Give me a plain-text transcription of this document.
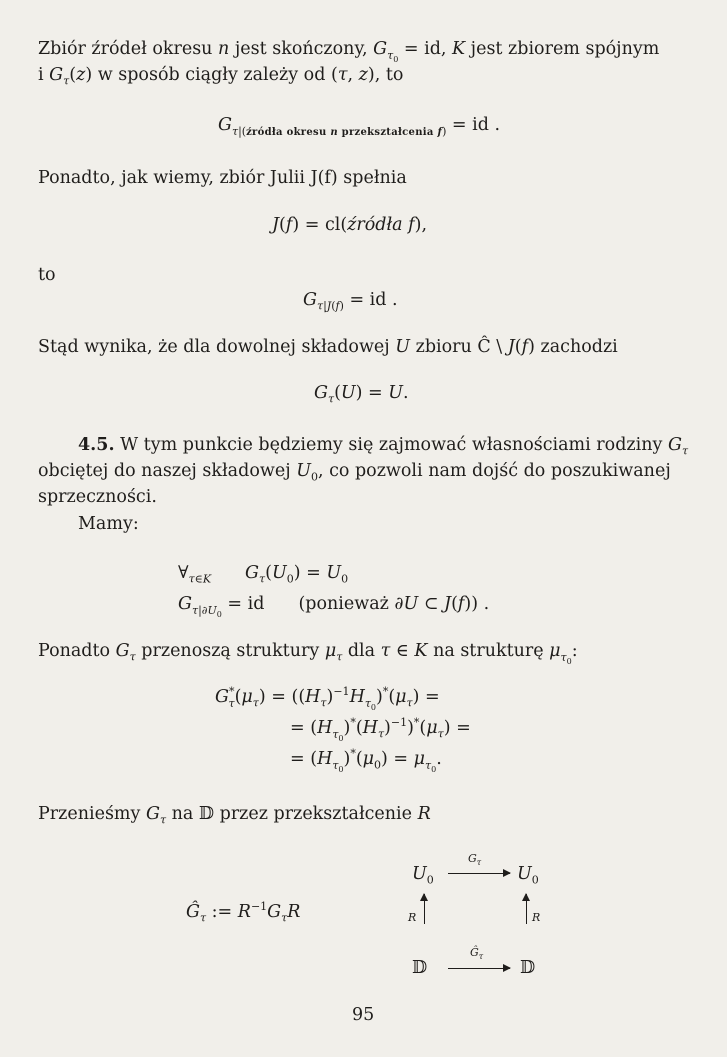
Zbiór źródeł okresu n jest skończony, $G_{\tau_0}$ = id, K jest zbiorem spójnym
i $G_\tau(z)$ w sposób ciągły zależy od (τ, z), to
$G_{\tau|(źródła okresu n przekształcenia f)}$ = id .
Ponadto, jak wiemy, zbiór Julii J(f) spełnia
J(f) = cl(źródła f),
to
$G_{\tau|J(f)}$ = id .
Stąd wynika, że dla dowolnej składowej U zbioru Ĉ \ J(f) zachodzi
$G_\tau(U) = U$.
4.5. W tym punkcie będziemy się zajmować własnościami rodziny $G_\tau$
obciętej do naszej składowej $U_0$, co pozwoli nam dojść do poszukiwanej
sprzeczności.
Mamy:
$\forall_{\tau\in K}$ $G_\tau(U_0) = U_0$
$G_{\tau|\partial U_0}$ = id (ponieważ ∂U ⊂ J(f)) .
Ponadto $G_\tau$ przenoszą struktury $\mu_\tau$ dla τ ∈ K na strukturę $\mu_{\tau_0}$:
$G^*_\tau(\mu_\tau) = ((H_\tau)^{-1}H_{\tau_0})^*(\mu_\tau)$ =
= $(H_{\tau_0})^*(H_\tau)^{-1})^*(\mu_\tau)$ =
= $(H_{\tau_0})^*(\mu_0) = \mu_{\tau_0}$.
Przenieśmy $G_\tau$ na 𝔻 przez przekształcenie R
$Ĝ_\tau$ := $R^{-1}G_\tau R$
$U_0$
$G_\tau$
$U_0$
R	R
𝔻
$Ĝ_\tau$
𝔻
95
